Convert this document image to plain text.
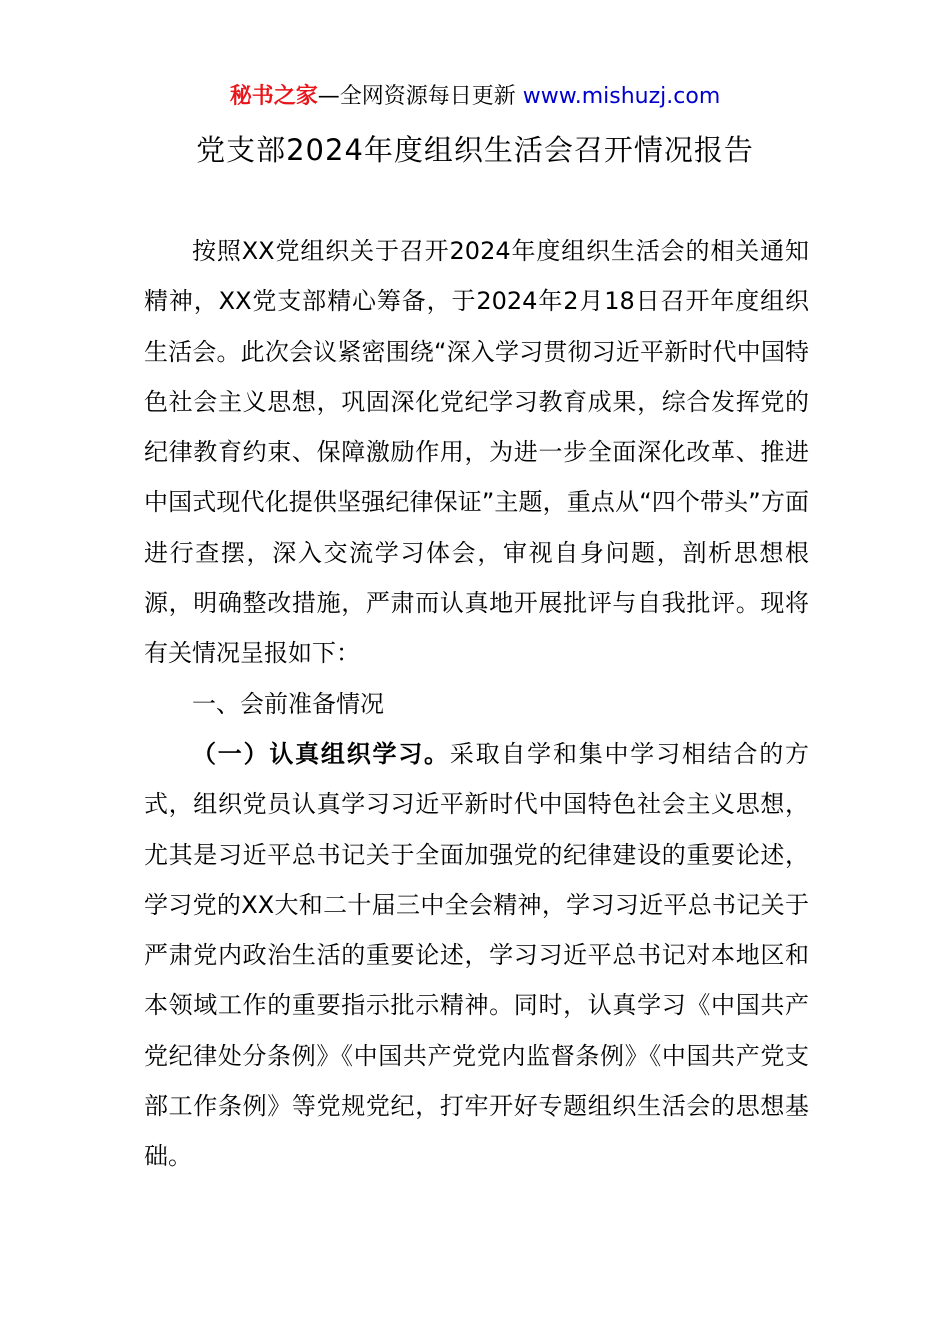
秘书之家—全网资源每日更新 www.mishuzj.com
党支部2024年度组织生活会召开情况报告

按照XX党组织关于召开2024年度组织生活会的相关通知精神，XX党支部精心筹备，于2024年2月18日召开年度组织生活会。此次会议紧密围绕“深入学习贯彻习近平新时代中国特色社会主义思想，巩固深化党纪学习教育成果，综合发挥党的纪律教育约束、保障激励作用，为进一步全面深化改革、推进中国式现代化提供坚强纪律保证”主题，重点从“四个带头”方面进行查摆，深入交流学习体会，审视自身问题，剖析思想根源，明确整改措施，严肃而认真地开展批评与自我批评。现将有关情况呈报如下：

一、会前准备情况

（一）认真组织学习。采取自学和集中学习相结合的方式，组织党员认真学习习近平新时代中国特色社会主义思想，尤其是习近平总书记关于全面加强党的纪律建设的重要论述，学习党的XX大和二十届三中全会精神，学习习近平总书记关于严肃党内政治生活的重要论述，学习习近平总书记对本地区和本领域工作的重要指示批示精神。同时，认真学习《中国共产党纪律处分条例》《中国共产党党内监督条例》《中国共产党支部工作条例》等党规党纪，打牢开好专题组织生活会的思想基础。
